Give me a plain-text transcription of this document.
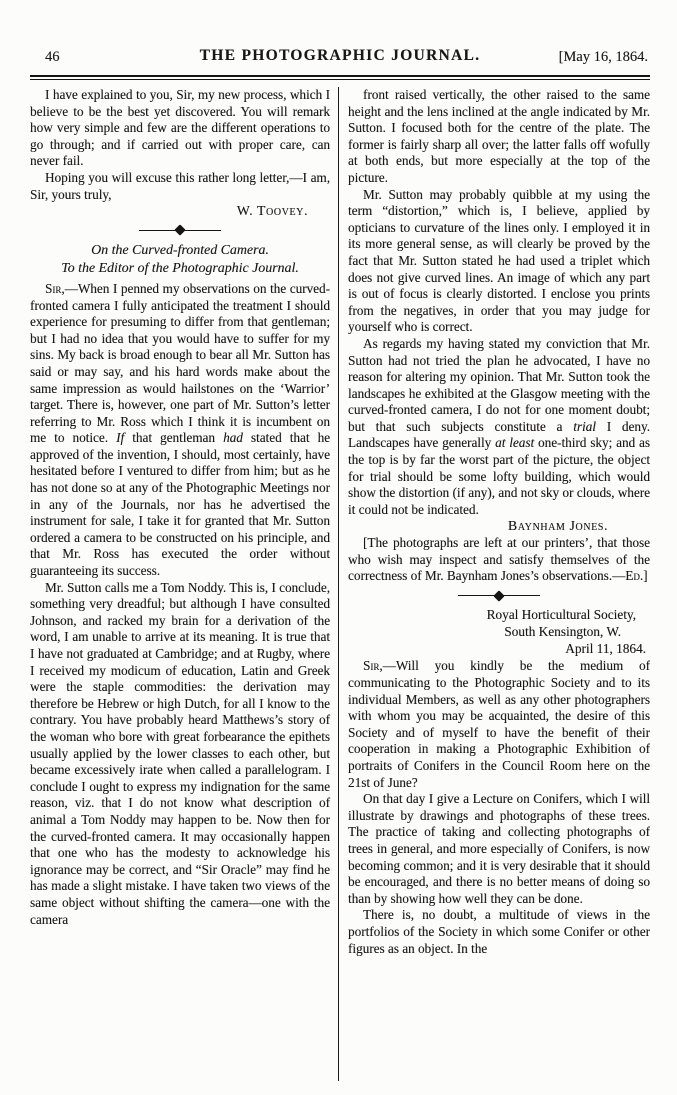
46	THE PHOTOGRAPHIC JOURNAL.	[May 16, 1864.

I have explained to you, Sir, my new process, which I believe to be the best yet discovered. You will remark how very simple and few are the different operations to go through; and if carried out with proper care, can never fail.

Hoping you will excuse this rather long letter,—I am, Sir, yours truly,

W. Toovey.

On the Curved-fronted Camera.

To the Editor of the Photographic Journal.

Sir,—When I penned my observations on the curved-fronted camera I fully anticipated the treatment I should experience for presuming to differ from that gentleman; but I had no idea that you would have to suffer for my sins. My back is broad enough to bear all Mr. Sutton has said or may say, and his hard words make about the same impression as would hailstones on the ‘Warrior’ target. There is, however, one part of Mr. Sutton’s letter referring to Mr. Ross which I think it is incumbent on me to notice. If that gentleman had stated that he approved of the invention, I should, most certainly, have hesitated before I ventured to differ from him; but as he has not done so at any of the Photographic Meetings nor in any of the Journals, nor has he advertised the instrument for sale, I take it for granted that Mr. Sutton ordered a camera to be constructed on his principle, and that Mr. Ross has executed the order without guaranteeing its success.

Mr. Sutton calls me a Tom Noddy. This is, I conclude, something very dreadful; but although I have consulted Johnson, and racked my brain for a derivation of the word, I am unable to arrive at its meaning. It is true that I have not graduated at Cambridge; and at Rugby, where I received my modicum of education, Latin and Greek were the staple commodities: the derivation may therefore be Hebrew or high Dutch, for all I know to the contrary. You have probably heard Matthews’s story of the woman who bore with great forbearance the epithets usually applied by the lower classes to each other, but became excessively irate when called a parallelogram. I conclude I ought to express my indignation for the same reason, viz. that I do not know what description of animal a Tom Noddy may happen to be. Now then for the curved-fronted camera. It may occasionally happen that one who has the modesty to acknowledge his ignorance may be correct, and “Sir Oracle” may find he has made a slight mistake. I have taken two views of the same object without shifting the camera—one with the camera

front raised vertically, the other raised to the same height and the lens inclined at the angle indicated by Mr. Sutton. I focused both for the centre of the plate. The former is fairly sharp all over; the latter falls off wofully at both ends, but more especially at the top of the picture.

Mr. Sutton may probably quibble at my using the term “distortion,” which is, I believe, applied by opticians to curvature of the lines only. I employed it in its more general sense, as will clearly be proved by the fact that Mr. Sutton stated he had used a triplet which does not give curved lines. An image of which any part is out of focus is clearly distorted. I enclose you prints from the negatives, in order that you may judge for yourself who is correct.

As regards my having stated my conviction that Mr. Sutton had not tried the plan he advocated, I have no reason for altering my opinion. That Mr. Sutton took the landscapes he exhibited at the Glasgow meeting with the curved-fronted camera, I do not for one moment doubt; but that such subjects constitute a trial I deny. Landscapes have generally at least one-third sky; and as the top is by far the worst part of the picture, the object for trial should be some lofty building, which would show the distortion (if any), and not sky or clouds, where it could not be indicated.

Baynham Jones.

[The photographs are left at our printers’, that those who wish may inspect and satisfy themselves of the correctness of Mr. Baynham Jones’s observations.—Ed.]

Royal Horticultural Society,
South Kensington, W.
April 11, 1864.

Sir,—Will you kindly be the medium of communicating to the Photographic Society and to its individual Members, as well as any other photographers with whom you may be acquainted, the desire of this Society and of myself to have the benefit of their cooperation in making a Photographic Exhibition of portraits of Conifers in the Council Room here on the 21st of June?

On that day I give a Lecture on Conifers, which I will illustrate by drawings and photographs of these trees. The practice of taking and collecting photographs of trees in general, and more especially of Conifers, is now becoming common; and it is very desirable that it should be encouraged, and there is no better means of doing so than by showing how well they can be done.

There is, no doubt, a multitude of views in the portfolios of the Society in which some Conifer or other figures as an object. In the
